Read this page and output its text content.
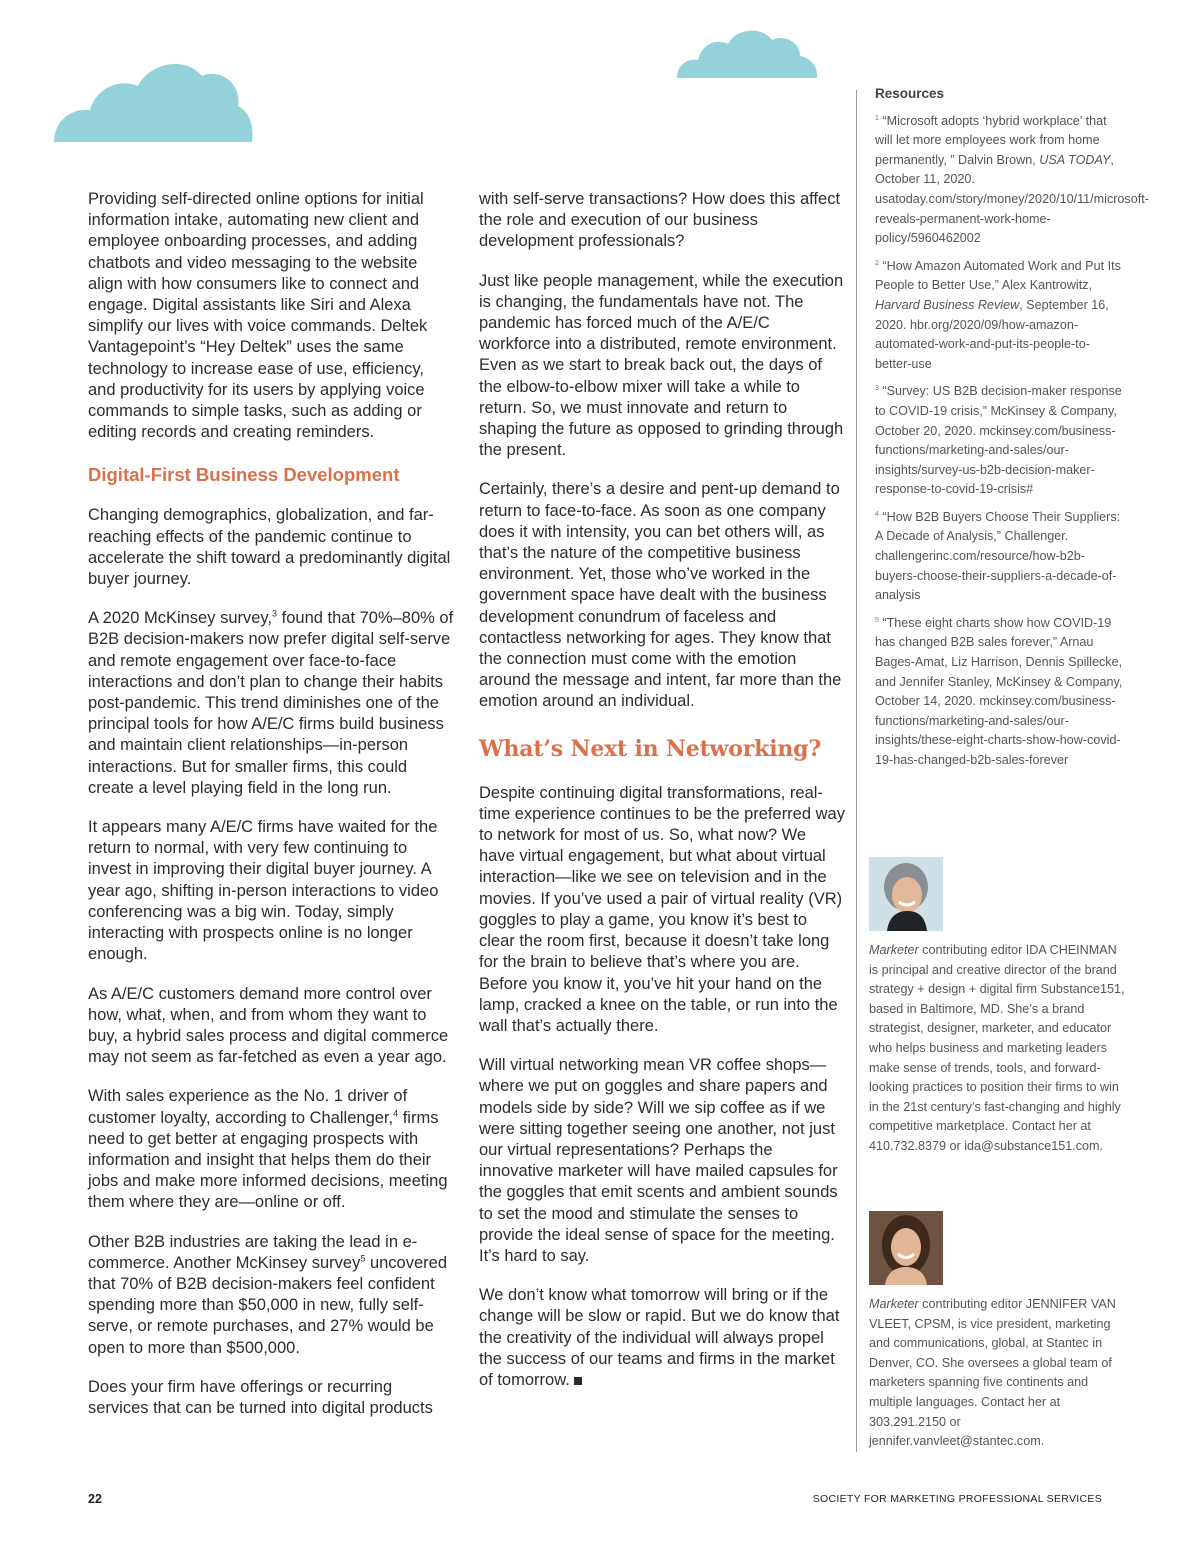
Providing self-directed online options for initial information intake, automating new client and employee onboarding processes, and adding chatbots and video messaging to the website align with how consumers like to connect and engage. Digital assistants like Siri and Alexa simplify our lives with voice commands. Deltek Vantagepoint’s “Hey Deltek” uses the same technology to increase ease of use, efficiency, and productivity for its users by applying voice commands to simple tasks, such as adding or editing records and creating reminders.

Digital-First Business Development

Changing demographics, globalization, and far-reaching effects of the pandemic continue to accelerate the shift toward a predominantly digital buyer journey.

A 2020 McKinsey survey,$^3$ found that 70%–80% of B2B decision-makers now prefer digital self-serve and remote engagement over face-to-face interactions and don’t plan to change their habits post-pandemic. This trend diminishes one of the principal tools for how A/E/C firms build business and maintain client relationships—in-person interactions. But for smaller firms, this could create a level playing field in the long run.

It appears many A/E/C firms have waited for the return to normal, with very few continuing to invest in improving their digital buyer journey. A year ago, shifting in-person interactions to video conferencing was a big win. Today, simply interacting with prospects online is no longer enough.

As A/E/C customers demand more control over how, what, when, and from whom they want to buy, a hybrid sales process and digital commerce may not seem as far-fetched as even a year ago.

With sales experience as the No. 1 driver of customer loyalty, according to Challenger,$^4$ firms need to get better at engaging prospects with information and insight that helps them do their jobs and make more informed decisions, meeting them where they are—online or off.

Other B2B industries are taking the lead in e-commerce. Another McKinsey survey$^5$ uncovered that 70% of B2B decision-makers feel confident spending more than $50,000 in new, fully self-serve, or remote purchases, and 27% would be open to more than $500,000.

Does your firm have offerings or recurring services that can be turned into digital products

with self-serve transactions? How does this affect the role and execution of our business development professionals?

Just like people management, while the execution is changing, the fundamentals have not. The pandemic has forced much of the A/E/C workforce into a distributed, remote environment. Even as we start to break back out, the days of the elbow-to-elbow mixer will take a while to return. So, we must innovate and return to shaping the future as opposed to grinding through the present.

Certainly, there’s a desire and pent-up demand to return to face-to-face. As soon as one company does it with intensity, you can bet others will, as that’s the nature of the competitive business environment. Yet, those who’ve worked in the government space have dealt with the business development conundrum of faceless and contactless networking for ages. They know that the connection must come with the emotion around the message and intent, far more than the emotion around an individual.

What’s Next in Networking?

Despite continuing digital transformations, real-time experience continues to be the preferred way to network for most of us. So, what now? We have virtual engagement, but what about virtual interaction—like we see on television and in the movies. If you’ve used a pair of virtual reality (VR) goggles to play a game, you know it’s best to clear the room first, because it doesn’t take long for the brain to believe that’s where you are. Before you know it, you’ve hit your hand on the lamp, cracked a knee on the table, or run into the wall that’s actually there.

Will virtual networking mean VR coffee shops—where we put on goggles and share papers and models side by side? Will we sip coffee as if we were sitting together seeing one another, not just our virtual representations? Perhaps the innovative marketer will have mailed capsules for the goggles that emit scents and ambient sounds to set the mood and stimulate the senses to provide the ideal sense of space for the meeting. It’s hard to say.

We don’t know what tomorrow will bring or if the change will be slow or rapid. But we do know that the creativity of the individual will always propel the success of our teams and firms in the market of tomorrow.

Resources
$^1$ “Microsoft adopts ‘hybrid workplace’ that will let more employees work from home permanently, ” Dalvin Brown, USA TODAY, October 11, 2020. usatoday.com/story/money/2020/10/11/microsoft-reveals-permanent-work-home-policy/5960462002
$^2$ “How Amazon Automated Work and Put Its People to Better Use,” Alex Kantrowitz, Harvard Business Review, September 16, 2020. hbr.org/2020/09/how-amazon-automated-work-and-put-its-people-to-better-use
$^3$ “Survey: US B2B decision-maker response to COVID-19 crisis,” McKinsey & Company, October 20, 2020. mckinsey.com/business-functions/marketing-and-sales/our-insights/survey-us-b2b-decision-maker-response-to-covid-19-crisis#
$^4$ “How B2B Buyers Choose Their Suppliers: A Decade of Analysis,” Challenger. challengerinc.com/resource/how-b2b-buyers-choose-their-suppliers-a-decade-of-analysis
$^5$ “These eight charts show how COVID-19 has changed B2B sales forever,” Arnau Bages-Amat, Liz Harrison, Dennis Spillecke, and Jennifer Stanley, McKinsey & Company, October 14, 2020. mckinsey.com/business-functions/marketing-and-sales/our-insights/these-eight-charts-show-how-covid-19-has-changed-b2b-sales-forever
Marketer contributing editor IDA CHEINMAN is principal and creative director of the brand strategy + design + digital firm Substance151, based in Baltimore, MD. She’s a brand strategist, designer, marketer, and educator who helps business and marketing leaders make sense of trends, tools, and forward-looking practices to position their firms to win in the 21st century’s fast-changing and highly competitive marketplace. Contact her at 410.732.8379 or ida@substance151.com.
Marketer contributing editor JENNIFER VAN VLEET, CPSM, is vice president, marketing and communications, global, at Stantec in Denver, CO. She oversees a global team of marketers spanning five continents and multiple languages. Contact her at 303.291.2150 or jennifer.vanvleet@stantec.com.
22	SOCIETY FOR MARKETING PROFESSIONAL SERVICES
